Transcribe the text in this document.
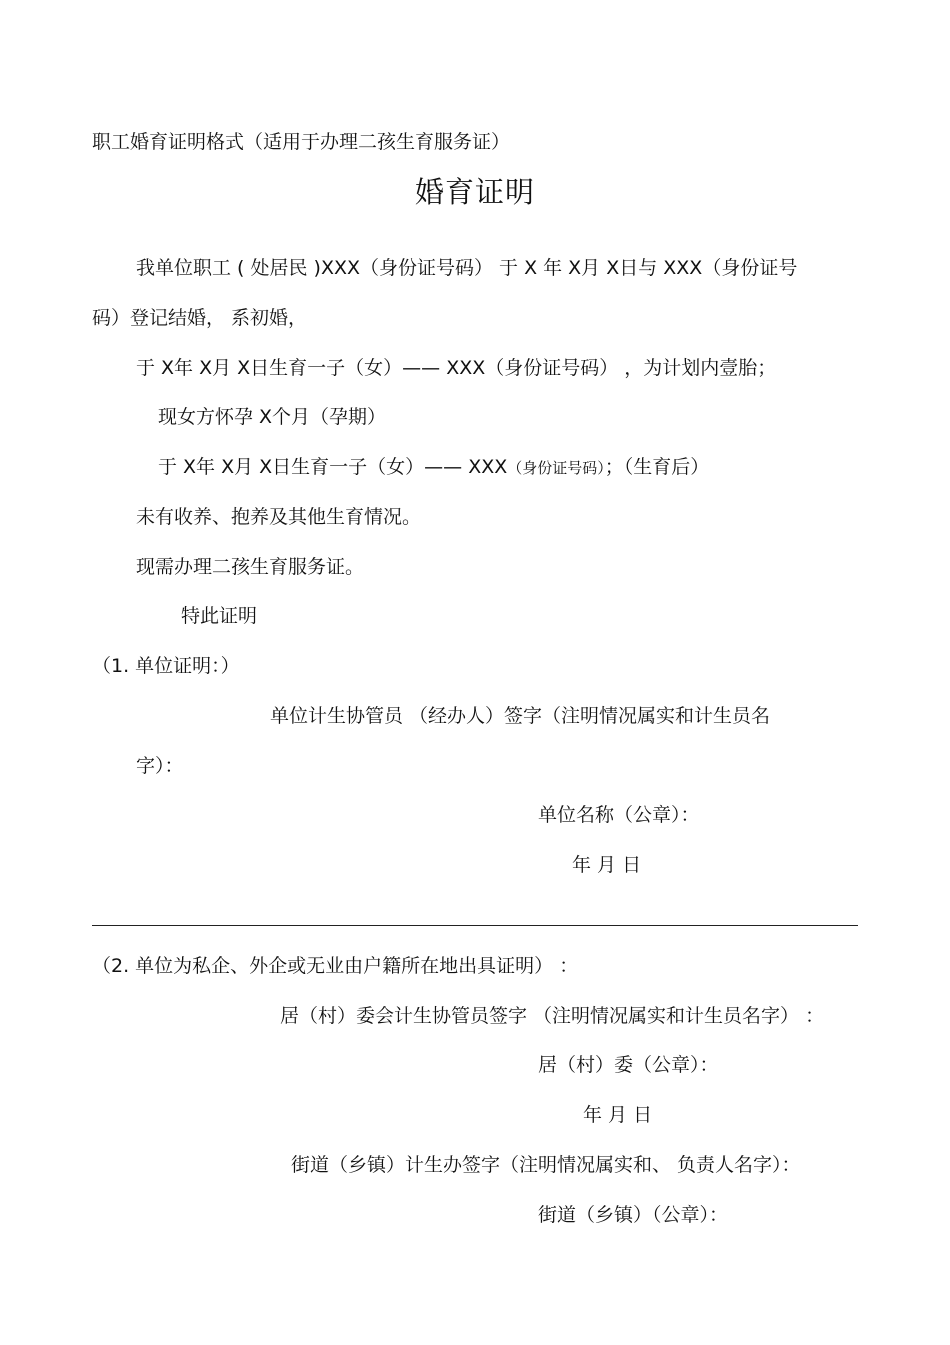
职工婚育证明格式（适用于办理二孩生育服务证）

婚育证明

我单位职工 ( 处居民 )XXX（身份证号码） 于 X 年 X月 X日与 XXX（身份证号

码）登记结婚， 系初婚，

于 X年 X月 X日生育一子（女）—— XXX（身份证号码） ，为计划内壹胎；

现女方怀孕 X个月（孕期）

于 X年 X月 X日生育一子（女）—— XXX（身份证号码）；（生育后）

未有收养、抱养及其他生育情况。

现需办理二孩生育服务证。

特此证明

（1. 单位证明：）

单位计生协管员 （经办人）签字（注明情况属实和计生员名

字）：

单位名称（公章）：

年 月 日

（2. 单位为私企、外企或无业由户籍所在地出具证明） ：

居（村）委会计生协管员签字 （注明情况属实和计生员名字） ：

居（村）委（公章）：

年 月 日

街道（乡镇）计生办签字（注明情况属实和、 负责人名字）：

街道（乡镇）（公章）：
